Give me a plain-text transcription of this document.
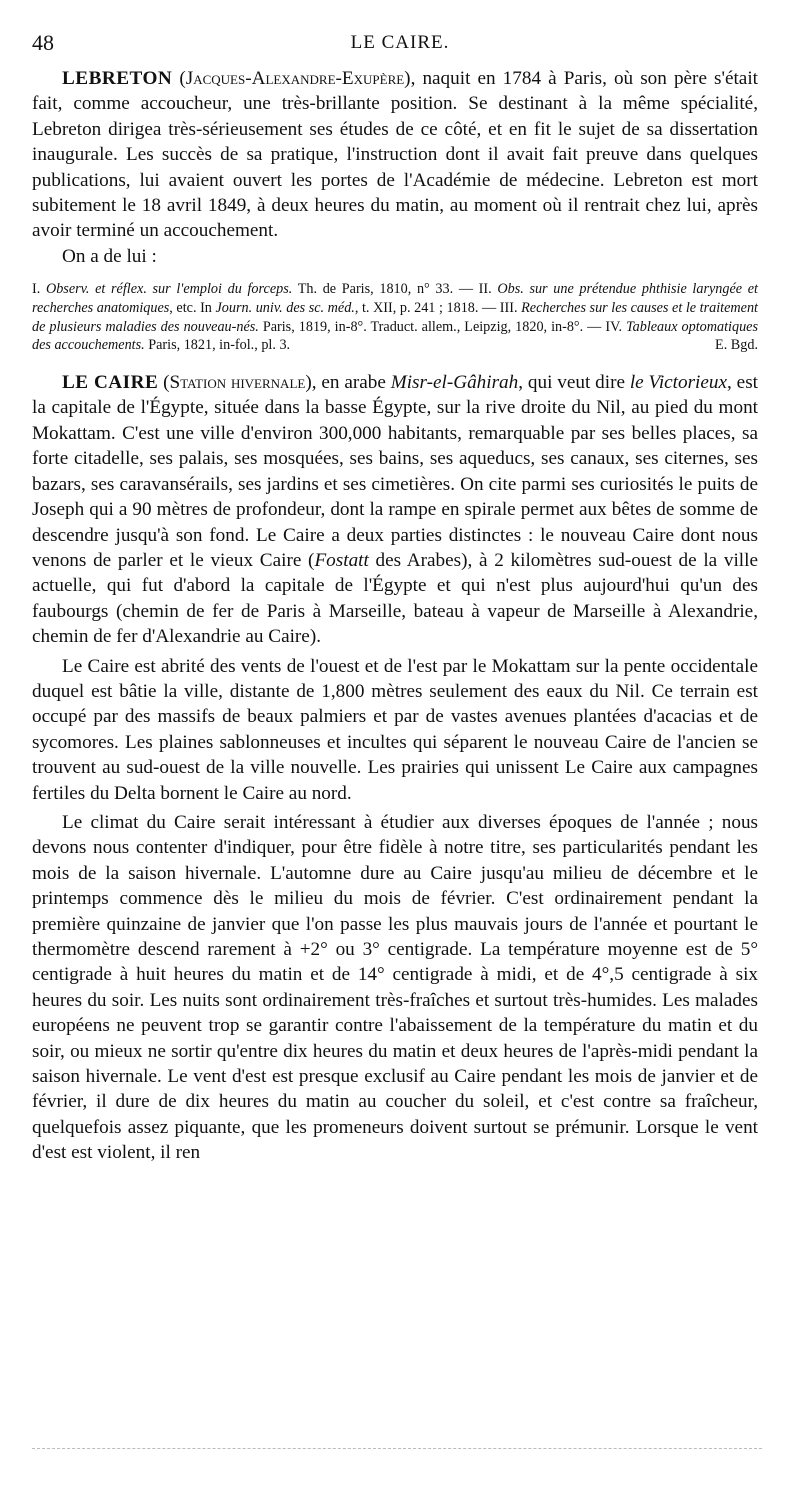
48	LE CAIRE.

LEBRETON (Jacques-Alexandre-Exupère), naquit en 1784 à Paris, où son père s'était fait, comme accoucheur, une très-brillante position. Se destinant à la même spécialité, Lebreton dirigea très-sérieusement ses études de ce côté, et en fit le sujet de sa dissertation inaugurale. Les succès de sa pratique, l'instruction dont il avait fait preuve dans quelques publications, lui avaient ouvert les portes de l'Académie de médecine. Lebreton est mort subitement le 18 avril 1849, à deux heures du matin, au moment où il rentrait chez lui, après avoir terminé un accouchement.

On a de lui :

I. Observ. et réflex. sur l'emploi du forceps. Th. de Paris, 1810, n° 33. — II. Obs. sur une prétendue phthisie laryngée et recherches anatomiques, etc. In Journ. univ. des sc. méd., t. XII, p. 241 ; 1818. — III. Recherches sur les causes et le traitement de plusieurs maladies des nouveau-nés. Paris, 1819, in-8°. Traduct. allem., Leipzig, 1820, in-8°. — IV. Tableaux optomatiques des accouchements. Paris, 1821, in-fol., pl. 3.	E. Bgd.

LE CAIRE (Station hivernale), en arabe Misr-el-Gâhirah, qui veut dire le Victorieux, est la capitale de l'Égypte, située dans la basse Égypte, sur la rive droite du Nil, au pied du mont Mokattam. C'est une ville d'environ 300,000 habitants, remarquable par ses belles places, sa forte citadelle, ses palais, ses mosquées, ses bains, ses aqueducs, ses canaux, ses citernes, ses bazars, ses caravansérails, ses jardins et ses cimetières. On cite parmi ses curiosités le puits de Joseph qui a 90 mètres de profondeur, dont la rampe en spirale permet aux bêtes de somme de descendre jusqu'à son fond. Le Caire a deux parties distinctes : le nouveau Caire dont nous venons de parler et le vieux Caire (Fostatt des Arabes), à 2 kilomètres sud-ouest de la ville actuelle, qui fut d'abord la capitale de l'Égypte et qui n'est plus aujourd'hui qu'un des faubourgs (chemin de fer de Paris à Marseille, bateau à vapeur de Marseille à Alexandrie, chemin de fer d'Alexandrie au Caire).

Le Caire est abrité des vents de l'ouest et de l'est par le Mokattam sur la pente occidentale duquel est bâtie la ville, distante de 1,800 mètres seulement des eaux du Nil. Ce terrain est occupé par des massifs de beaux palmiers et par de vastes avenues plantées d'acacias et de sycomores. Les plaines sablonneuses et incultes qui séparent le nouveau Caire de l'ancien se trouvent au sud-ouest de la ville nouvelle. Les prairies qui unissent Le Caire aux campagnes fertiles du Delta bornent le Caire au nord.

Le climat du Caire serait intéressant à étudier aux diverses époques de l'année ; nous devons nous contenter d'indiquer, pour être fidèle à notre titre, ses particularités pendant les mois de la saison hivernale. L'automne dure au Caire jusqu'au milieu de décembre et le printemps commence dès le milieu du mois de février. C'est ordinairement pendant la première quinzaine de janvier que l'on passe les plus mauvais jours de l'année et pourtant le thermomètre descend rarement à +2° ou 3° centigrade. La température moyenne est de 5° centigrade à huit heures du matin et de 14° centigrade à midi, et de 4°,5 centigrade à six heures du soir. Les nuits sont ordinairement très-fraîches et surtout très-humides. Les malades européens ne peuvent trop se garantir contre l'abaissement de la température du matin et du soir, ou mieux ne sortir qu'entre dix heures du matin et deux heures de l'après-midi pendant la saison hivernale. Le vent d'est est presque exclusif au Caire pendant les mois de janvier et de février, il dure de dix heures du matin au coucher du soleil, et c'est contre sa fraîcheur, quelquefois assez piquante, que les promeneurs doivent surtout se prémunir. Lorsque le vent d'est est violent, il ren
